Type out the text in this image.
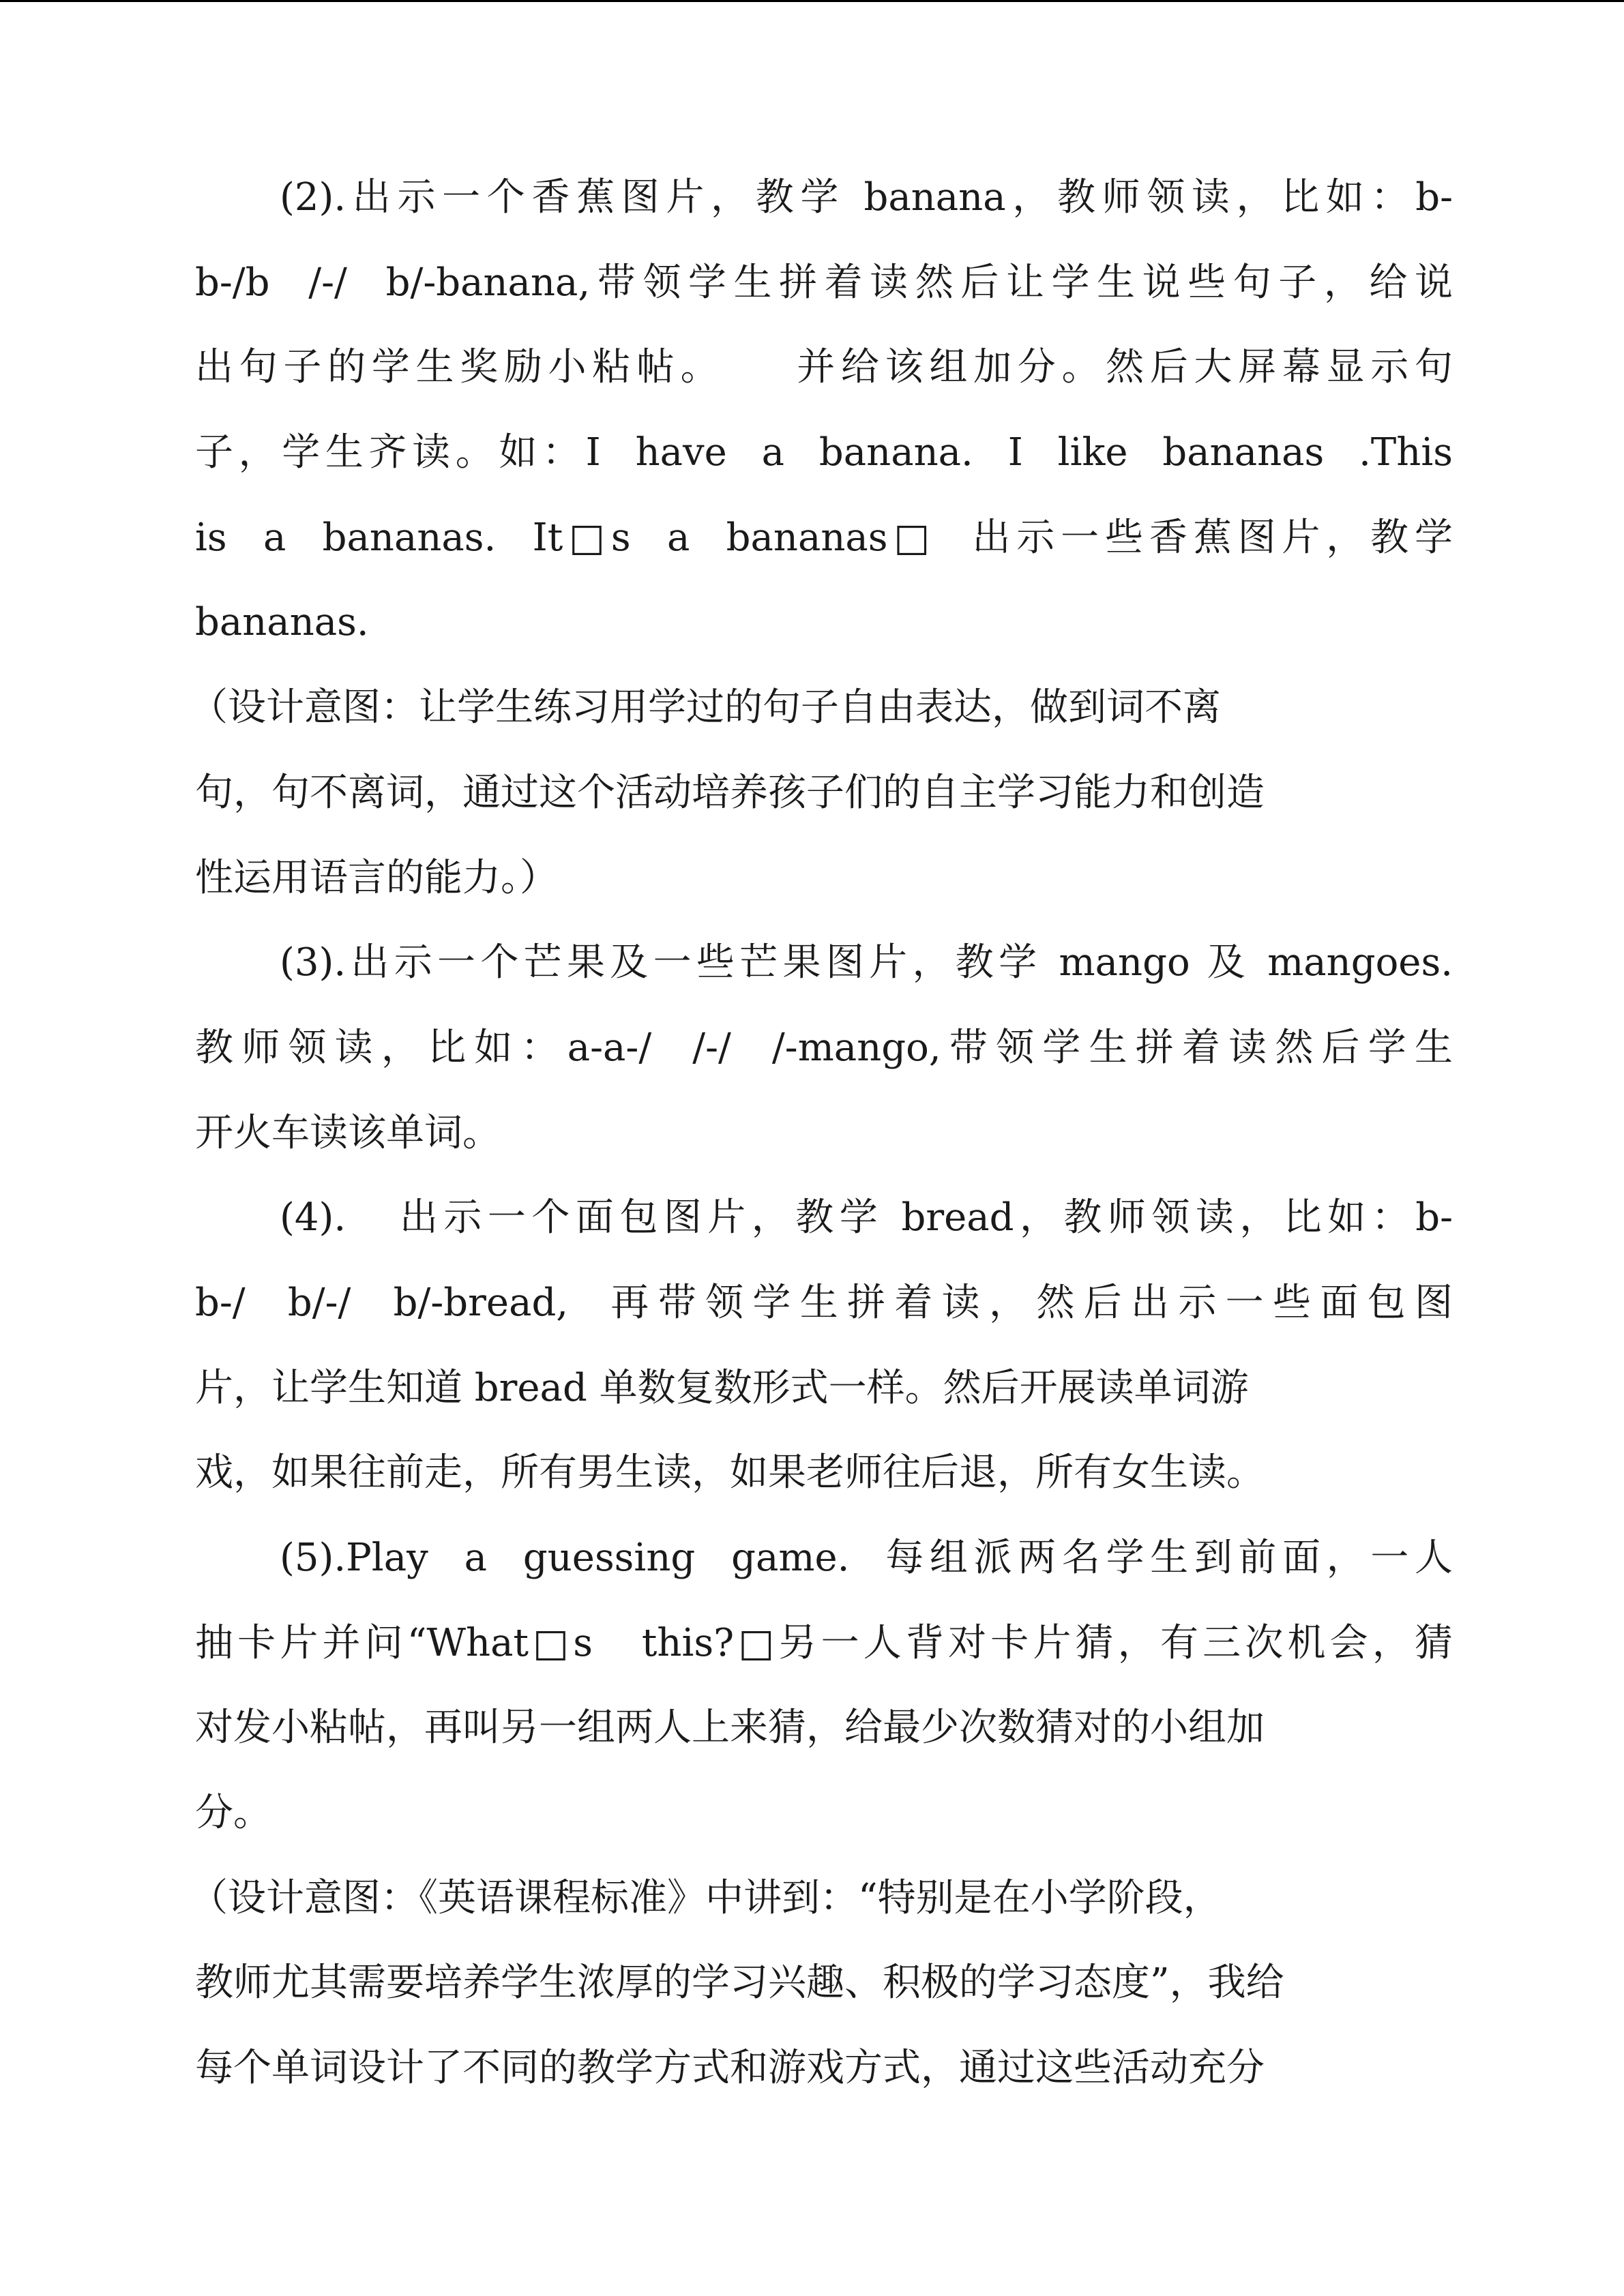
(2).出示一个香蕉图片，教学 banana，教师领读，比如：b-
b-/b  /-/  b/-banana,带领学生拼着读然后让学生说些句子，给说
出句子的学生奖励小粘帖。    并给该组加分。然后大屏幕显示句
子，学生齐读。如：I  have  a  banana.  I  like  bananas  .This
is  a  bananas.  It□s  a  bananas□  出示一些香蕉图片，教学
bananas.
（设计意图：让学生练习用学过的句子自由表达，做到词不离
句，句不离词，通过这个活动培养孩子们的自主学习能力和创造
性运用语言的能力。）
(3).出示一个芒果及一些芒果图片，教学 mango 及 mangoes.
教师领读，比如：a-a-/  /-/  /-mango,带领学生拼着读然后学生
开火车读该单词。
(4).   出示一个面包图片，教学 bread，教师领读，比如：b-
b-/  b/-/  b/-bread,  再带领学生拼着读，然后出示一些面包图
片，让学生知道 bread 单数复数形式一样。然后开展读单词游
戏，如果往前走，所有男生读，如果老师往后退，所有女生读。
(5).Play  a  guessing  game.  每组派两名学生到前面，一人
抽卡片并问“What□s   this?□另一人背对卡片猜，有三次机会，猜
对发小粘帖，再叫另一组两人上来猜，给最少次数猜对的小组加
分。
（设计意图：《英语课程标准》中讲到：“特别是在小学阶段，
教师尤其需要培养学生浓厚的学习兴趣、积极的学习态度”，我给
每个单词设计了不同的教学方式和游戏方式，通过这些活动充分
